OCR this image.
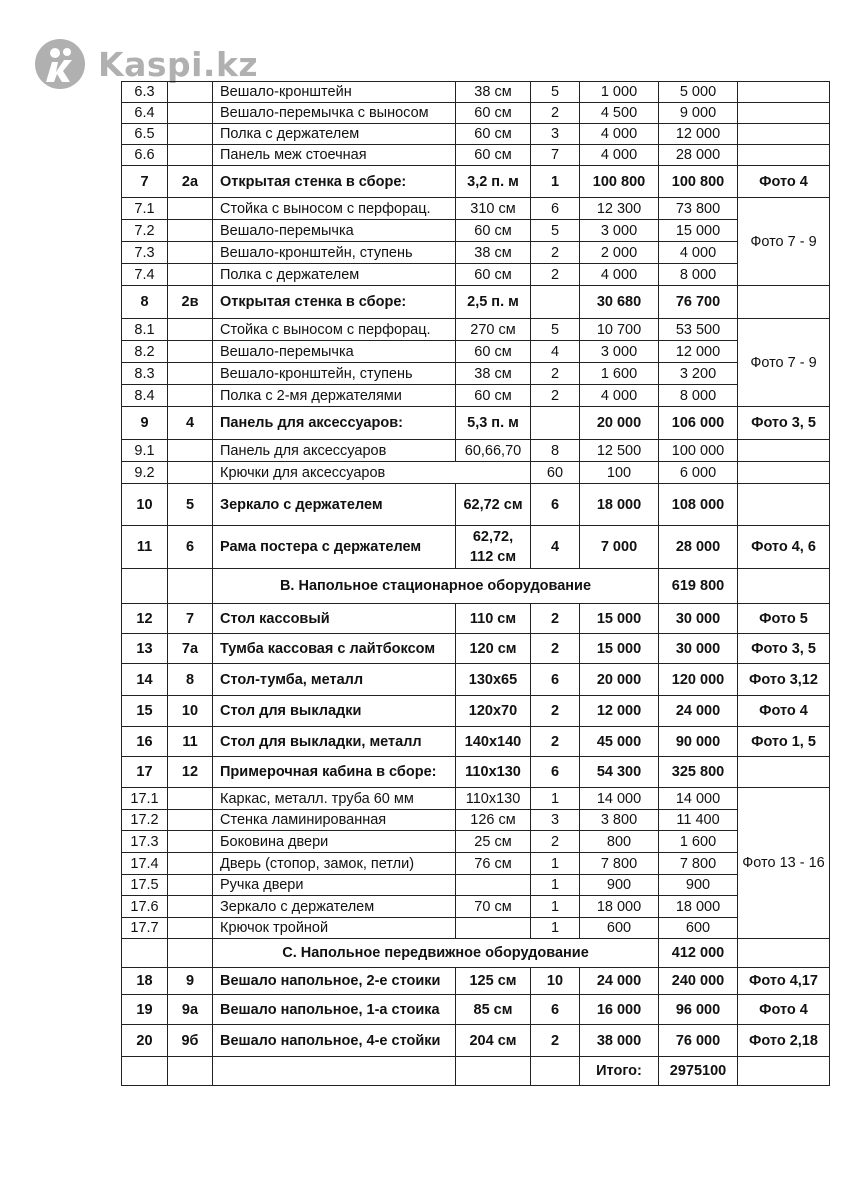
Kaspi.kz
6.3		Вешало-кронштейн	38 см	5	1 000	5 000	
6.4		Вешало-перемычка с выносом	60 см	2	4 500	9 000	
6.5		Полка с держателем	60 см	3	4 000	12 000	
6.6		Панель меж стоечная	60 см	7	4 000	28 000	
7	2а	Открытая стенка в сборе:	3,2 п. м	1	100 800	100 800	Фото 4
7.1		Стойка с выносом с перфорац.	310 см	6	12 300	73 800	Фото 7 - 9
7.2		Вешало-перемычка	60 см	5	3 000	15 000	
7.3		Вешало-кронштейн, ступень	38 см	2	2 000	4 000	
7.4		Полка с держателем	60 см	2	4 000	8 000	
8	2в	Открытая стенка в сборе:	2,5 п. м		30 680	76 700	
8.1		Стойка с выносом с перфорац.	270 см	5	10 700	53 500	Фото 7 - 9
8.2		Вешало-перемычка	60 см	4	3 000	12 000	
8.3		Вешало-кронштейн, ступень	38 см	2	1 600	3 200	
8.4		Полка с 2-мя держателями	60 см	2	4 000	8 000	
9	4	Панель для аксессуаров:	5,3 п. м		20 000	106 000	Фото 3, 5
9.1		Панель для аксессуаров	60,66,70	8	12 500	100 000	
9.2		Крючки для аксессуаров		60	100	6 000	
10	5	Зеркало с держателем	62,72 см	6	18 000	108 000	
11	6	Рама постера с держателем	62,72, 112 см	4	7 000	28 000	Фото 4, 6
		B. Напольное стационарное оборудование				619 800	
12	7	Стол кассовый	110 см	2	15 000	30 000	Фото 5
13	7а	Тумба кассовая с лайтбоксом	120 см	2	15 000	30 000	Фото 3, 5
14	8	Стол-тумба, металл	130x65	6	20 000	120 000	Фото 3,12
15	10	Стол для выкладки	120x70	2	12 000	24 000	Фото 4
16	11	Стол для выкладки, металл	140x140	2	45 000	90 000	Фото 1, 5
17	12	Примерочная кабина в сборе:	110x130	6	54 300	325 800	
17.1		Каркас, металл. труба 60 мм	110x130	1	14 000	14 000	Фото 13 - 16
17.2		Стенка ламинированная	126 см	3	3 800	11 400	
17.3		Боковина двери	25 см	2	800	1 600	
17.4		Дверь (стопор, замок, петли)	76 см	1	7 800	7 800	
17.5		Ручка двери		1	900	900	
17.6		Зеркало с держателем	70 см	1	18 000	18 000	
17.7		Крючок тройной		1	600	600	
		C. Напольное передвижное оборудование				412 000	
18	9	Вешало напольное, 2-е стоики	125 см	10	24 000	240 000	Фото 4,17
19	9а	Вешало напольное, 1-а стоика	85 см	6	16 000	96 000	Фото 4
20	9б	Вешало напольное, 4-е стойки	204 см	2	38 000	76 000	Фото 2,18
					Итого:	2975100	
